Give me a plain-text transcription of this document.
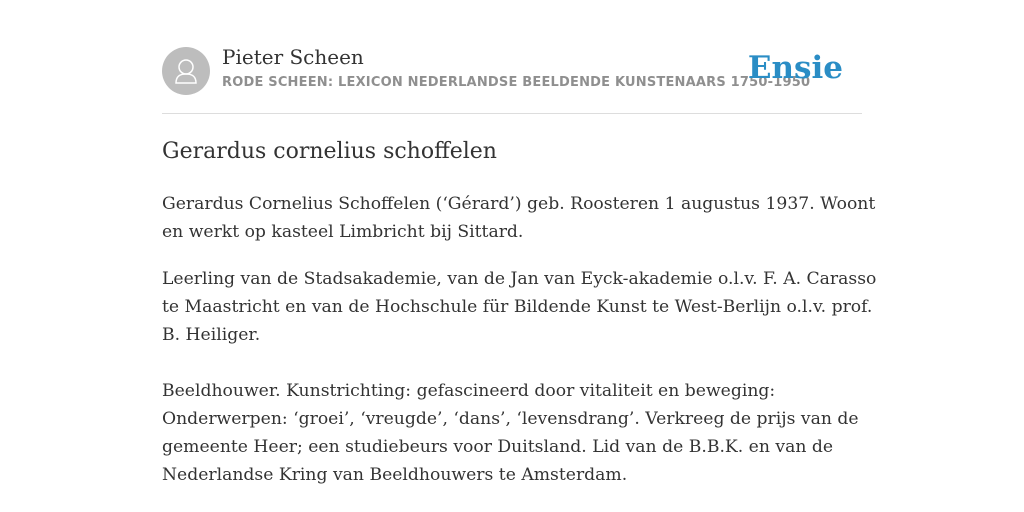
Pieter Scheen
RODE SCHEEN: LEXICON NEDERLANDSE BEELDENDE KUNSTENAARS 1750-1950
Ensie
Gerardus cornelius schoffelen

Gerardus Cornelius Schoffelen (‘Gérard’) geb. Roosteren 1 augustus 1937. Woont
en werkt op kasteel Limbricht bij Sittard.

Leerling van de Stadsakademie, van de Jan van Eyck-akademie o.l.v. F. A. Carasso
te Maastricht en van de Hochschule für Bildende Kunst te West-Berlijn o.l.v. prof.
B. Heiliger.

Beeldhouwer. Kunstrichting: gefascineerd door vitaliteit en beweging:
Onderwerpen: ‘groei’, ‘vreugde’, ‘dans’, ‘levensdrang’. Verkreeg de prijs van de
gemeente Heer; een studiebeurs voor Duitsland. Lid van de B.B.K. en van de
Nederlandse Kring van Beeldhouwers te Amsterdam.
